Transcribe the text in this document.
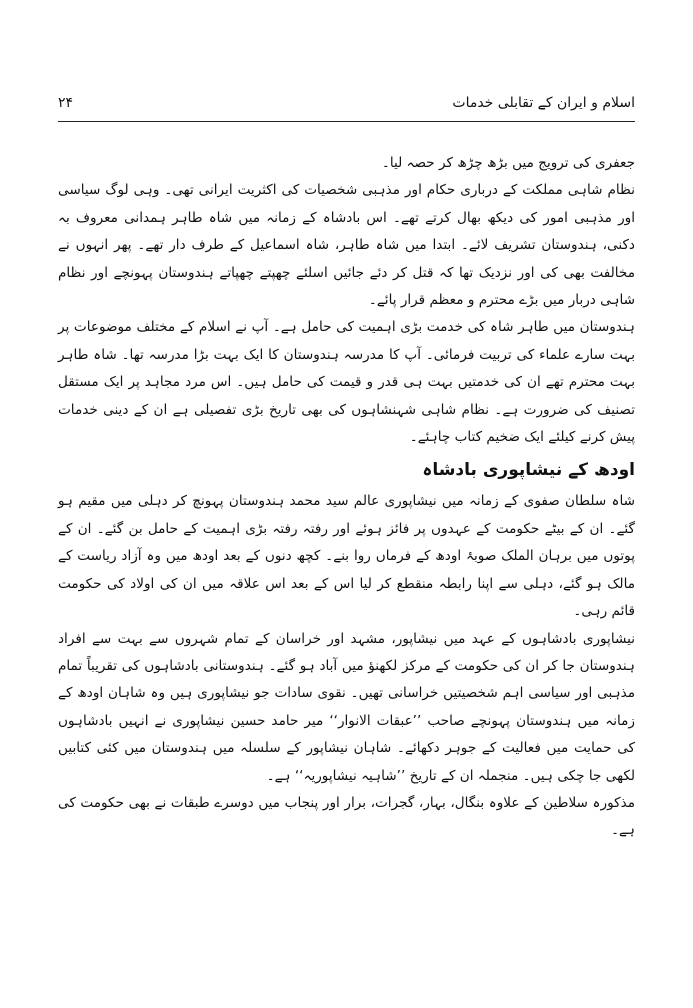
اسلام و ایران کے تقابلی خدمات
۲۴

جعفری کی ترویج میں بڑھ چڑھ کر حصہ لیا۔

نظام شاہی مملکت کے درباری حکام اور مذہبی شخصیات کی اکثریت ایرانی تھی۔ وہی لوگ سیاسی اور مذہبی امور کی دیکھ بھال کرتے تھے۔ اس بادشاہ کے زمانہ میں شاہ طاہر ہمدانی معروف بہ دکنی، ہندوستان تشریف لائے۔ ابتدا میں شاہ طاہر، شاہ اسماعیل کے طرف دار تھے۔ پھر انہوں نے مخالفت بھی کی اور نزدیک تھا کہ قتل کر دئے جائیں اسلئے چھپتے چھپاتے ہندوستان پہونچے اور نظام شاہی دربار میں بڑے محترم و معظم قرار پائے۔

ہندوستان میں طاہر شاہ کی خدمت بڑی اہمیت کی حامل ہے۔ آپ نے اسلام کے مختلف موضوعات پر بہت سارے علماء کی تربیت فرمائی۔ آپ کا مدرسہ ہندوستان کا ایک بہت بڑا مدرسہ تھا۔ شاہ طاہر بہت محترم تھے ان کی خدمتیں بہت ہی قدر و قیمت کی حامل ہیں۔ اس مرد مجاہد پر ایک مستقل تصنیف کی ضرورت ہے۔ نظام شاہی شہنشاہوں کی بھی تاریخ بڑی تفصیلی ہے ان کے دینی خدمات پیش کرنے کیلئے ایک ضخیم کتاب چاہئے۔

اودھ کے نیشاپوری بادشاہ

شاہ سلطان صفوی کے زمانہ میں نیشاپوری عالم سید محمد ہندوستان پہونچ کر دہلی میں مقیم ہو گئے۔ ان کے بیٹے حکومت کے عہدوں پر فائز ہوئے اور رفتہ رفتہ بڑی اہمیت کے حامل بن گئے۔ ان کے پوتوں میں برہان الملک صوبۂ اودھ کے فرماں روا بنے۔ کچھ دنوں کے بعد اودھ میں وہ آزاد ریاست کے مالک ہو گئے، دہلی سے اپنا رابطہ منقطع کر لیا اس کے بعد اس علاقہ میں ان کی اولاد کی حکومت قائم رہی۔

نیشاپوری بادشاہوں کے عہد میں نیشاپور، مشہد اور خراسان کے تمام شہروں سے بہت سے افراد ہندوستان جا کر ان کی حکومت کے مرکز لکھنؤ میں آباد ہو گئے۔ ہندوستانی بادشاہوں کی تقریباً تمام مذہبی اور سیاسی اہم شخصیتیں خراسانی تھیں۔ نقوی سادات جو نیشاپوری ہیں وہ شاہان اودھ کے زمانہ میں ہندوستان پہونچے صاحب ’’عبقات الانوار‘‘ میر حامد حسین نیشاپوری نے انہیں بادشاہوں کی حمایت میں فعالیت کے جوہر دکھائے۔ شاہان نیشاپور کے سلسلہ میں ہندوستان میں کئی کتابیں لکھی جا چکی ہیں۔ منجملہ ان کے تاریخ ’’شاہیہ نیشاپوریہ‘‘ ہے۔

مذکورہ سلاطین کے علاوہ بنگال، بہار، گجرات، برار اور پنجاب میں دوسرے طبقات نے بھی حکومت کی ہے۔
